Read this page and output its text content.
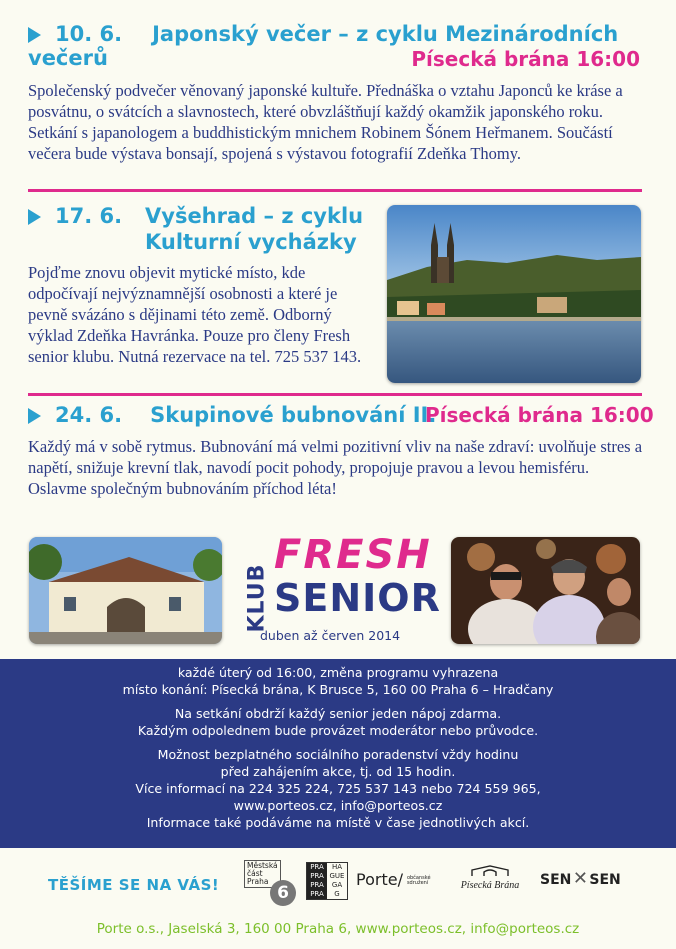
10. 6. Japonský večer – z cyklu Mezinárodních večerů	Písecká brána 16:00
Společenský podvečer věnovaný japonské kultuře. Přednáška o vztahu Japonců ke kráse a posvátnu, o svátcích a slavnostech, které obvzláštňují každý okamžik japonského roku. Setkání s japanologem a buddhistickým mnichem Robinem Šónem Heřmanem. Součástí večera bude výstava bonsají, spojená s výstavou fotografií Zdeňka Thomy.
17. 6. Vyšehrad – z cyklu
Kulturní vycházky
Pojďme znovu objevit mytické místo, kde odpočívají nejvýznamnější osobnosti a které je pevně svázáno s dějinami této země. Odborný výklad Zdeňka Havránka. Pouze pro členy Fresh senior klubu. Nutná rezervace na tel. 725 537 143.
24. 6. Skupinové bubnování II.
Písecká brána 16:00
Každý má v sobě rytmus. Bubnování má velmi pozitivní vliv na naše zdraví: uvolňuje stres a napětí, snižuje krevní tlak, navodí pocit pohody, propojuje pravou a levou hemisféru. Oslavme společným bubnováním příchod léta!
KLUB
FRESH
SENIOR
duben až červen 2014

každé úterý od 16:00, změna programu vyhrazena

místo konání: Písecká brána, K Brusce 5, 160 00 Praha 6 – Hradčany

Na setkání obdrží každý senior jeden nápoj zdarma.

Každým odpolednem bude provázet moderátor nebo průvodce.

Možnost bezplatného sociálního poradenství vždy hodinu

před zahájením akce, tj. od 15 hodin.

Více informací na 224 325 224, 725 537 143 nebo 724 559 965,

www.porteos.cz, info@porteos.cz

Informace také podáváme na místě v čase jednotlivých akcí.

TĚŠÍME SE NA VÁS!
Městská
část
Praha
6
PRA	HA
PRA GUE
PRA	GA
PRA	G
Porte/ občanské sdružení	Písecká Brána	SEN✕SEN
Porte o.s., Jaselská 3, 160 00 Praha 6, www.porteos.cz, info@porteos.cz
